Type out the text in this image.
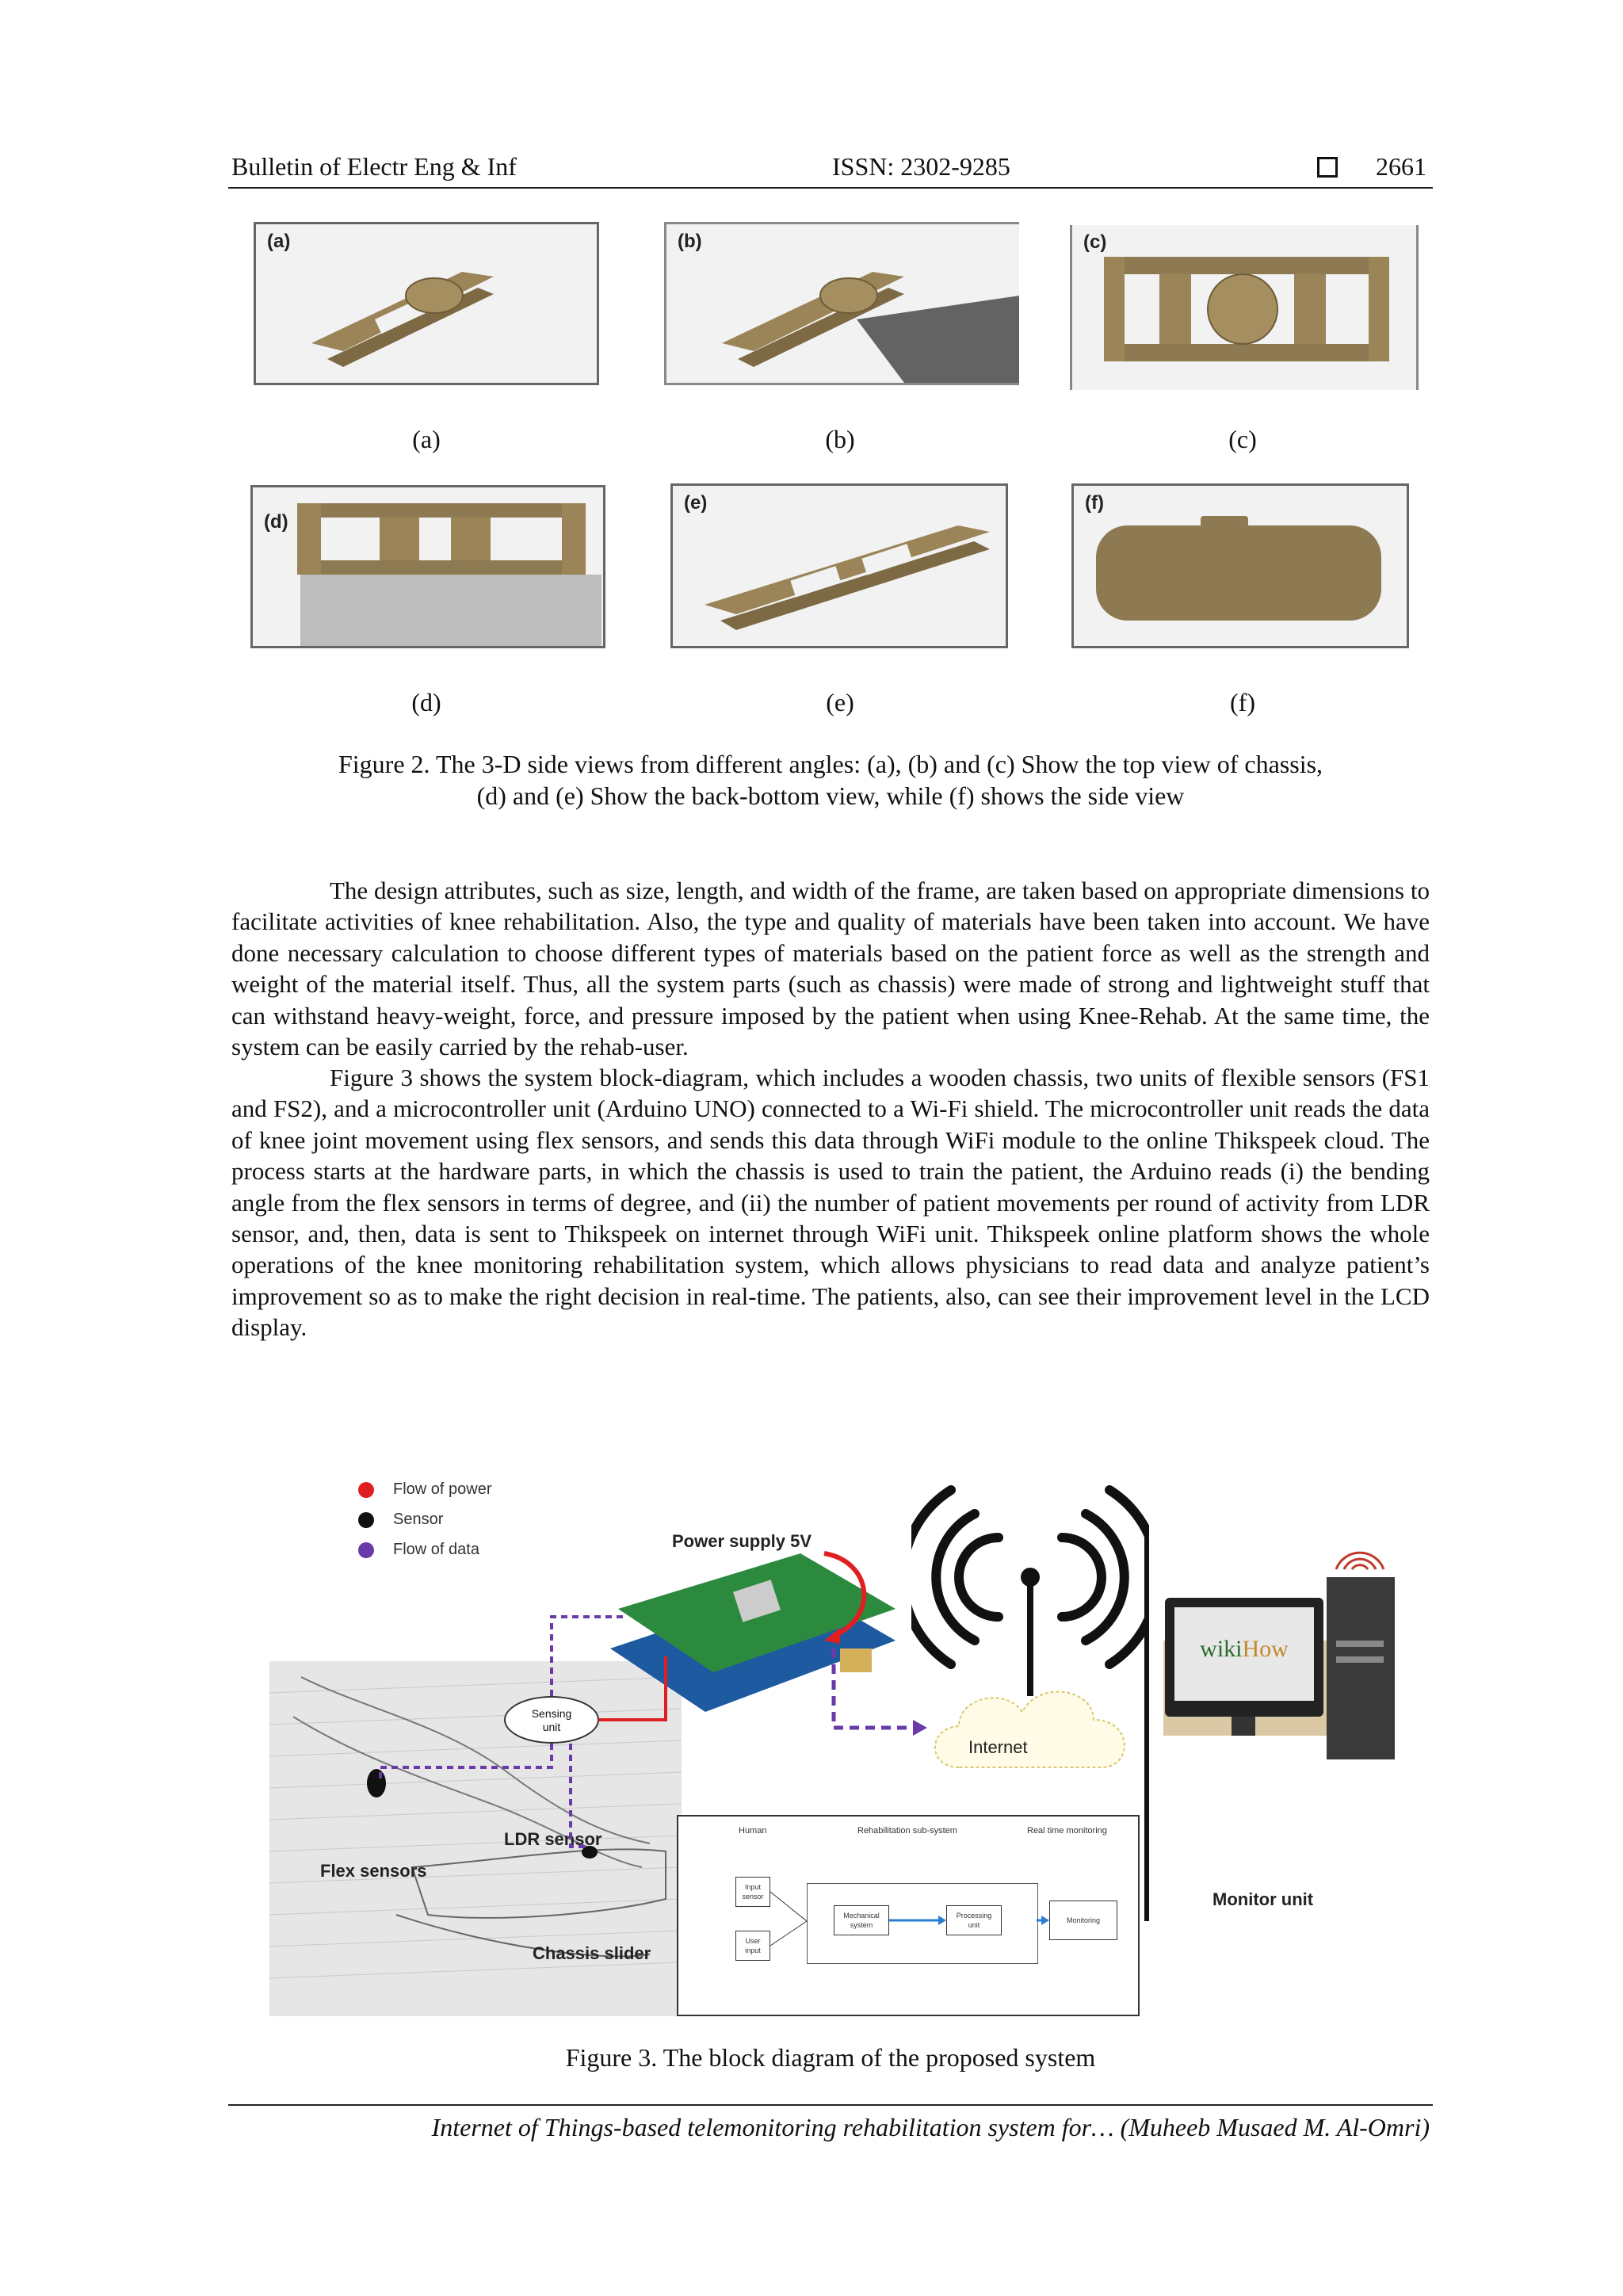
Bulletin of Electr Eng & Inf	ISSN: 2302-9285	2661
(a)	(b)	(c)
(a)	(b)	(c)
(d)
(e)	(f)
(d)	(e)	(f)
Figure 2. The 3-D side views from different angles: (a), (b) and (c) Show the top view of chassis,
(d) and (e) Show the back-bottom view, while (f) shows the side view

The design attributes, such as size, length, and width of the frame, are taken based on appropriate dimensions to facilitate activities of knee rehabilitation. Also, the type and quality of materials have been taken into account. We have done necessary calculation to choose different types of materials based on the patient force as well as the strength and weight of the material itself. Thus, all the system parts (such as chassis) were made of strong and lightweight stuff that can withstand heavy-weight, force, and pressure imposed by the patient when using Knee-Rehab. At the same time, the system can be easily carried by the rehab-user.

Figure 3 shows the system block-diagram, which includes a wooden chassis, two units of flexible sensors (FS1 and FS2), and a microcontroller unit (Arduino UNO) connected to a Wi-Fi shield. The microcontroller unit reads the data of knee joint movement using flex sensors, and sends this data through WiFi module to the online Thikspeek cloud. The process starts at the hardware parts, in which the chassis is used to train the patient, the Arduino reads (i) the bending angle from the flex sensors in terms of degree, and (ii) the number of patient movements per round of activity from LDR sensor, and, then, data is sent to Thikspeek on internet through WiFi unit. Thikspeek online platform shows the whole operations of the knee monitoring rehabilitation system, which allows physicians to read data and analyze patient’s improvement so as to make the right decision in real-time. The patients, also, can see their improvement level in the LCD display.

Flow of power
Sensor
Flow of data
Flex sensors
LDR sensor
Chassis slider
Sensing
unit
Power supply 5V
Internet
wikiHow
Monitor unit
Human	Rehabilitation sub-system	Real time monitoring
Input
sensor
User
input
Mechanical
system
Processing
unit
Monitoring
Figure 3. The block diagram of the proposed system
Internet of Things-based telemonitoring rehabilitation system for… (Muheeb Musaed M. Al-Omri)
